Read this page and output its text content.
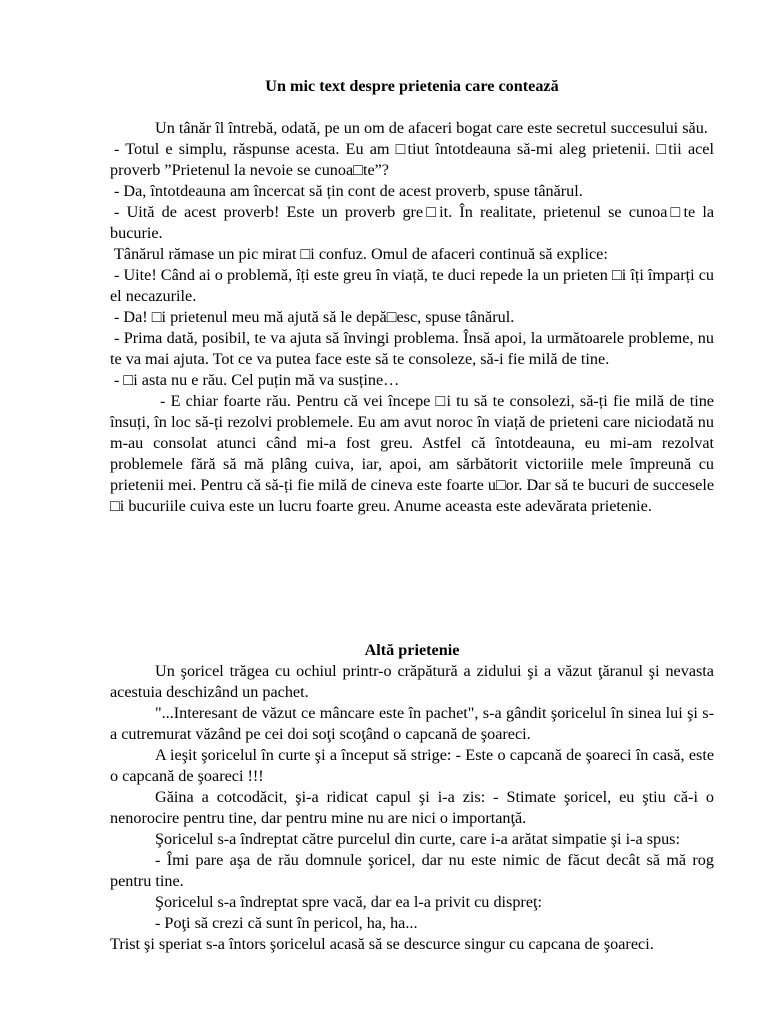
Un mic text despre prietenia care contează

Un tânăr îl întrebă, odată, pe un om de afaceri bogat care este secretul succesului său.

- Totul e simplu, răspunse acesta. Eu am □tiut întotdeauna să-mi aleg prietenii. □tii acel proverb ”Prietenul la nevoie se cunoa□te”?

- Da, întotdeauna am încercat să țin cont de acest proverb, spuse tânărul.

- Uită de acest proverb! Este un proverb gre□it. În realitate, prietenul se cunoa□te la bucurie.

Tânărul rămase un pic mirat □i confuz. Omul de afaceri continuă să explice:

- Uite! Când ai o problemă, îți este greu în viață, te duci repede la un prieten □i îți împarți cu el necazurile.

- Da! □i prietenul meu mă ajută să le depă□esc, spuse tânărul.

- Prima dată, posibil, te va ajuta să învingi problema. Însă apoi, la următoarele probleme, nu te va mai ajuta. Tot ce va putea face este să te consoleze, să-i fie milă de tine.

- □i asta nu e rău. Cel puțin mă va susține…

- E chiar foarte rău. Pentru că vei începe □i tu să te consolezi, să-ți fie milă de tine însuți, în loc să-ți rezolvi problemele. Eu am avut noroc în viață de prieteni care niciodată nu m-au consolat atunci când mi-a fost greu. Astfel că întotdeauna, eu mi-am rezolvat problemele fără să mă plâng cuiva, iar, apoi, am sărbătorit victoriile mele împreună cu prietenii mei. Pentru că să-ți fie milă de cineva este foarte u□or. Dar să te bucuri de succesele □i bucuriile cuiva este un lucru foarte greu. Anume aceasta este adevărata prietenie.

Altă prietenie

Un şoricel trăgea cu ochiul printr-o crăpătură a zidului şi a văzut ţăranul şi nevasta acestuia deschizând un pachet.

"...Interesant de văzut ce mâncare este în pachet", s-a gândit şoricelul în sinea lui şi s-a cutremurat văzând pe cei doi soţi scoţând o capcană de şoareci.

A ieşit şoricelul în curte şi a început să strige: - Este o capcană de şoareci în casă, este o capcană de şoareci !!!

Găina a cotcodăcit, şi-a ridicat capul şi i-a zis: - Stimate şoricel, eu ştiu că-i o nenorocire pentru tine, dar pentru mine nu are nici o importanţă.

Şoricelul s-a îndreptat către purcelul din curte, care i-a arătat simpatie şi i-a spus:

- Îmi pare aşa de rău domnule şoricel, dar nu este nimic de făcut decât să mă rog pentru tine.

Şoricelul s-a îndreptat spre vacă, dar ea l-a privit cu dispreţ:

- Poţi să crezi că sunt în pericol, ha, ha...

Trist şi speriat s-a întors şoricelul acasă să se descurce singur cu capcana de şoareci.
